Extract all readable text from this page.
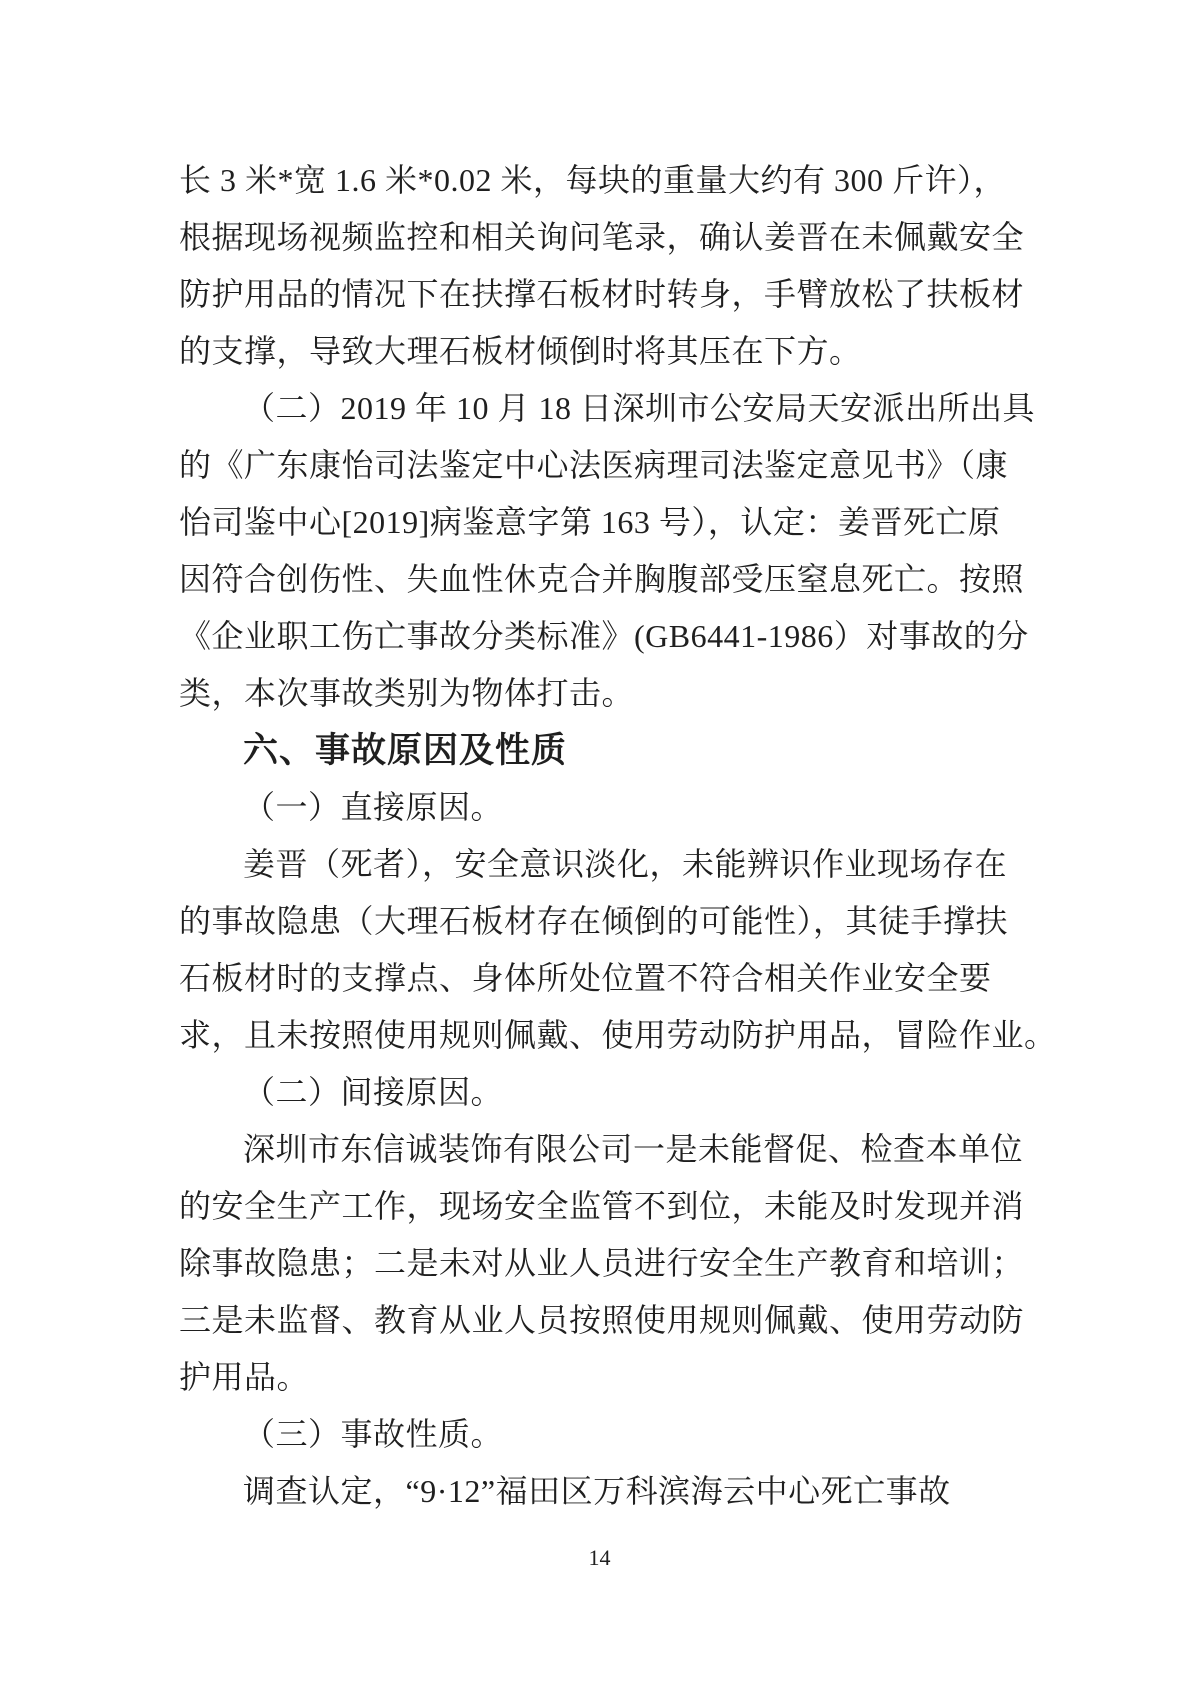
长 3 米*宽 1.6 米*0.02 米，每块的重量大约有 300 斤许），
根据现场视频监控和相关询问笔录，确认姜晋在未佩戴安全
防护用品的情况下在扶撑石板材时转身，手臂放松了扶板材
的支撑，导致大理石板材倾倒时将其压在下方。
（二）2019 年 10 月 18 日深圳市公安局天安派出所出具
的《广东康怡司法鉴定中心法医病理司法鉴定意见书》（康
怡司鉴中心[2019]病鉴意字第 163 号），认定：姜晋死亡原
因符合创伤性、失血性休克合并胸腹部受压窒息死亡。按照
《企业职工伤亡事故分类标准》(GB6441-1986）对事故的分
类，本次事故类别为物体打击。
六、事故原因及性质
（一）直接原因。
姜晋（死者），安全意识淡化，未能辨识作业现场存在
的事故隐患（大理石板材存在倾倒的可能性），其徒手撑扶
石板材时的支撑点、身体所处位置不符合相关作业安全要
求，且未按照使用规则佩戴、使用劳动防护用品，冒险作业。
（二）间接原因。
深圳市东信诚装饰有限公司一是未能督促、检查本单位
的安全生产工作，现场安全监管不到位，未能及时发现并消
除事故隐患；二是未对从业人员进行安全生产教育和培训；
三是未监督、教育从业人员按照使用规则佩戴、使用劳动防
护用品。
（三）事故性质。
调查认定，“9·12”福田区万科滨海云中心死亡事故
14
